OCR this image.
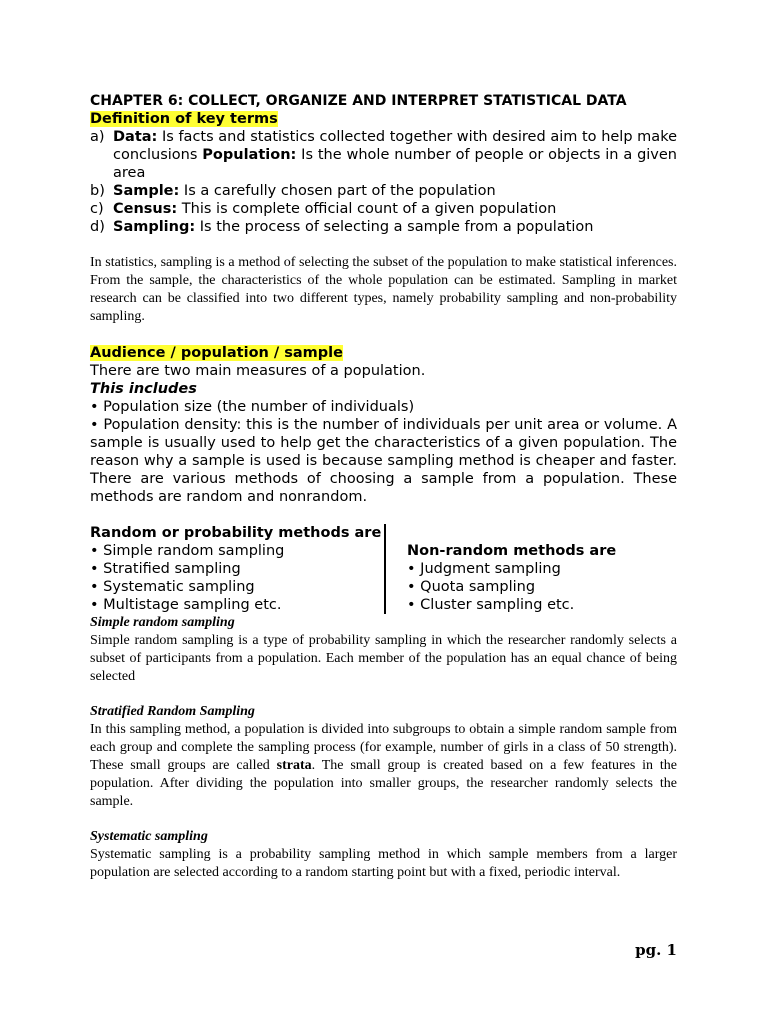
CHAPTER 6: COLLECT, ORGANIZE AND INTERPRET STATISTICAL DATA

Definition of key terms

a) Data: Is facts and statistics collected together with desired aim to help make conclusions Population: Is the whole number of people or objects in a given area
b) Sample: Is a carefully chosen part of the population
c) Census: This is complete official count of a given population
d) Sampling: Is the process of selecting a sample from a population

In statistics, sampling is a method of selecting the subset of the population to make statistical inferences. From the sample, the characteristics of the whole population can be estimated. Sampling in market research can be classified into two different types, namely probability sampling and non-probability sampling.

Audience / population / sample

There are two main measures of a population.

This includes

• Population size (the number of individuals)

• Population density: this is the number of individuals per unit area or volume. A sample is usually used to help get the characteristics of a given population. The reason why a sample is used is because sampling method is cheaper and faster. There are various methods of choosing a sample from a population. These methods are random and nonrandom.

Random or probability methods are

• Simple random sampling
• Stratified sampling
• Systematic sampling
• Multistage sampling etc.

Non-random methods are

• Judgment sampling
• Quota sampling
• Cluster sampling etc.

Simple random sampling

Simple random sampling is a type of probability sampling in which the researcher randomly selects a subset of participants from a population. Each member of the population has an equal chance of being selected

Stratified Random Sampling

In this sampling method, a population is divided into subgroups to obtain a simple random sample from each group and complete the sampling process (for example, number of girls in a class of 50 strength). These small groups are called strata. The small group is created based on a few features in the population. After dividing the population into smaller groups, the researcher randomly selects the sample.

Systematic sampling

Systematic sampling is a probability sampling method in which sample members from a larger population are selected according to a random starting point but with a fixed, periodic interval.

pg. 1
